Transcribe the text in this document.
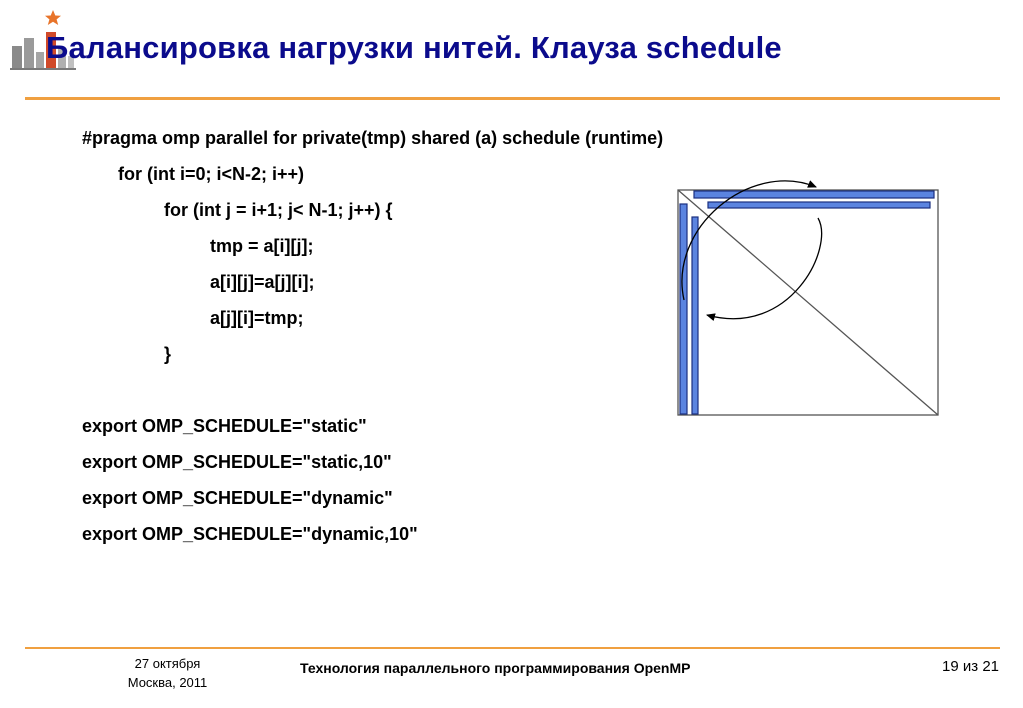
Балансировка нагрузки нитей. Клауза schedule
#pragma omp parallel for private(tmp) shared (a) schedule (runtime)
for (int i=0; i<N-2; i++)
for (int j = i+1; j< N-1; j++) {
tmp = a[i][j];
a[i][j]=a[j][i];
a[j][i]=tmp;
}
export OMP_SCHEDULE="static"
export OMP_SCHEDULE="static,10"
export OMP_SCHEDULE="dynamic"
export OMP_SCHEDULE="dynamic,10"
27 октября
Москва, 2011
Технология параллельного программирования OpenMP	19 из 21
